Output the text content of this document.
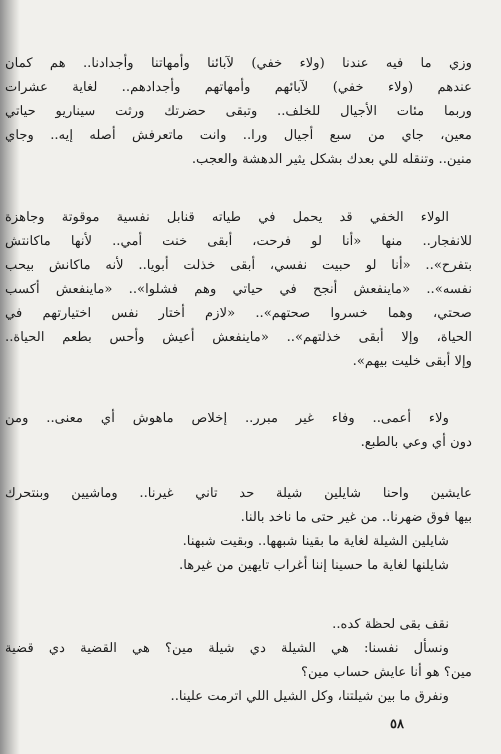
وزي ما فيه عندنا (ولاء خفي) لآبائنا وأمهاتنا وأجدادنا.. هم كمان
عندهم (ولاء خفي) لآبائهم وأمهاتهم وأجدادهم.. لغاية عشرات
وربما مئات الأجيال للخلف.. وتبقى حضرتك ورثت سيناريو حياتي
معين، جاي من سبع أجيال ورا.. وانت ماتعرفش أصله إيه.. وجاي
منين.. وتنقله للي بعدك بشكل يثير الدهشة والعجب.
الولاء الخفي قد يحمل في طياته قنابل نفسية موقوتة وجاهزة
للانفجار.. منها «أنا لو فرحت، أبقى خنت أمي.. لأنها ماكانتش
بتفرح».. «أنا لو حبيت نفسي، أبقى خذلت أبويا.. لأنه ماكانش بيحب
نفسه».. «ماينفعش أنجح في حياتي وهم فشلوا».. «ماينفعش أكسب
صحتي، وهما خسروا صحتهم».. «لازم أختار نفس اختيارتهم في
الحياة، وإلا أبقى خذلتهم».. «ماينفعش أعيش وأحس بطعم الحياة..
وإلا أبقى خليت بيهم».
ولاء أعمى.. وفاء غير مبرر.. إخلاص ماهوش أي معنى.. ومن
دون أي وعي بالطبع.
عايشين واحنا شايلين شيلة حد تاني غيرنا.. وماشيين وبنتحرك
بيها فوق ضهرنا.. من غير حتى ما ناخد بالنا.
شايلين الشيلة لغاية ما بقينا شبهها.. وبقيت شبهنا.
شايلنها لغاية ما حسينا إننا أغراب تايهين من غيرها.
نقف بقى لحظة كده..
ونسأل نفسنا: هي الشيلة دي شيلة مين؟ هي القضية دي قضية
مين؟ هو أنا عايش حساب مين؟
ونفرق ما بين شيلتنا، وكل الشيل اللي اترمت علينا..
٥٨
